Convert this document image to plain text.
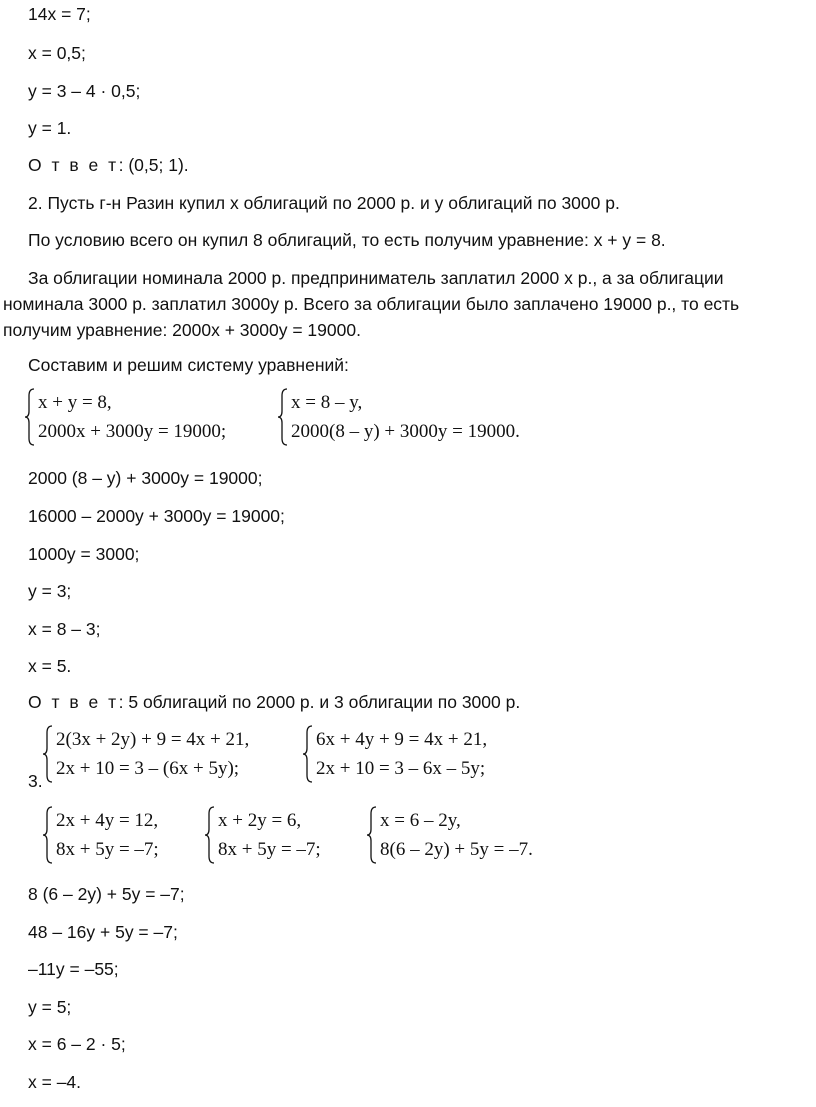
14x = 7;
x = 0,5;
y = 3 – 4 · 0,5;
y = 1.
О т в е т: (0,5; 1).
2. Пусть г-н Разин купил x облигаций по 2000 р. и y облигаций по 3000 р.
По условию всего он купил 8 облигаций, то есть получим уравнение: x + y = 8.
За облигации номинала 2000 р. предприниматель заплатил 2000 x р., а за облигации
номинала 3000 р. заплатил 3000y р. Всего за облигации было заплачено 19000 р., то есть
получим уравнение: 2000x + 3000y = 19000.
Составим и решим систему уравнений:
x + y = 8,
2000x + 3000y = 19000;
x = 8 – y,
2000(8 – y) + 3000y = 19000.
2000 (8 – y) + 3000y = 19000;
16000 – 2000y + 3000y = 19000;
1000y = 3000;
y = 3;
x = 8 – 3;
x = 5.
О т в е т: 5 облигаций по 2000 р. и 3 облигации по 3000 р.
3.
2(3x + 2y) + 9 = 4x + 21,
2x + 10 = 3 – (6x + 5y);
6x + 4y + 9 = 4x + 21,
2x + 10 = 3 – 6x – 5y;
2x + 4y = 12,
8x + 5y = –7;
x + 2y = 6,
8x + 5y = –7;
x = 6 – 2y,
8(6 – 2y) + 5y = –7.
8 (6 – 2y) + 5y = –7;
48 – 16y + 5y = –7;
–11y = –55;
y = 5;
x = 6 – 2 · 5;
x = –4.
